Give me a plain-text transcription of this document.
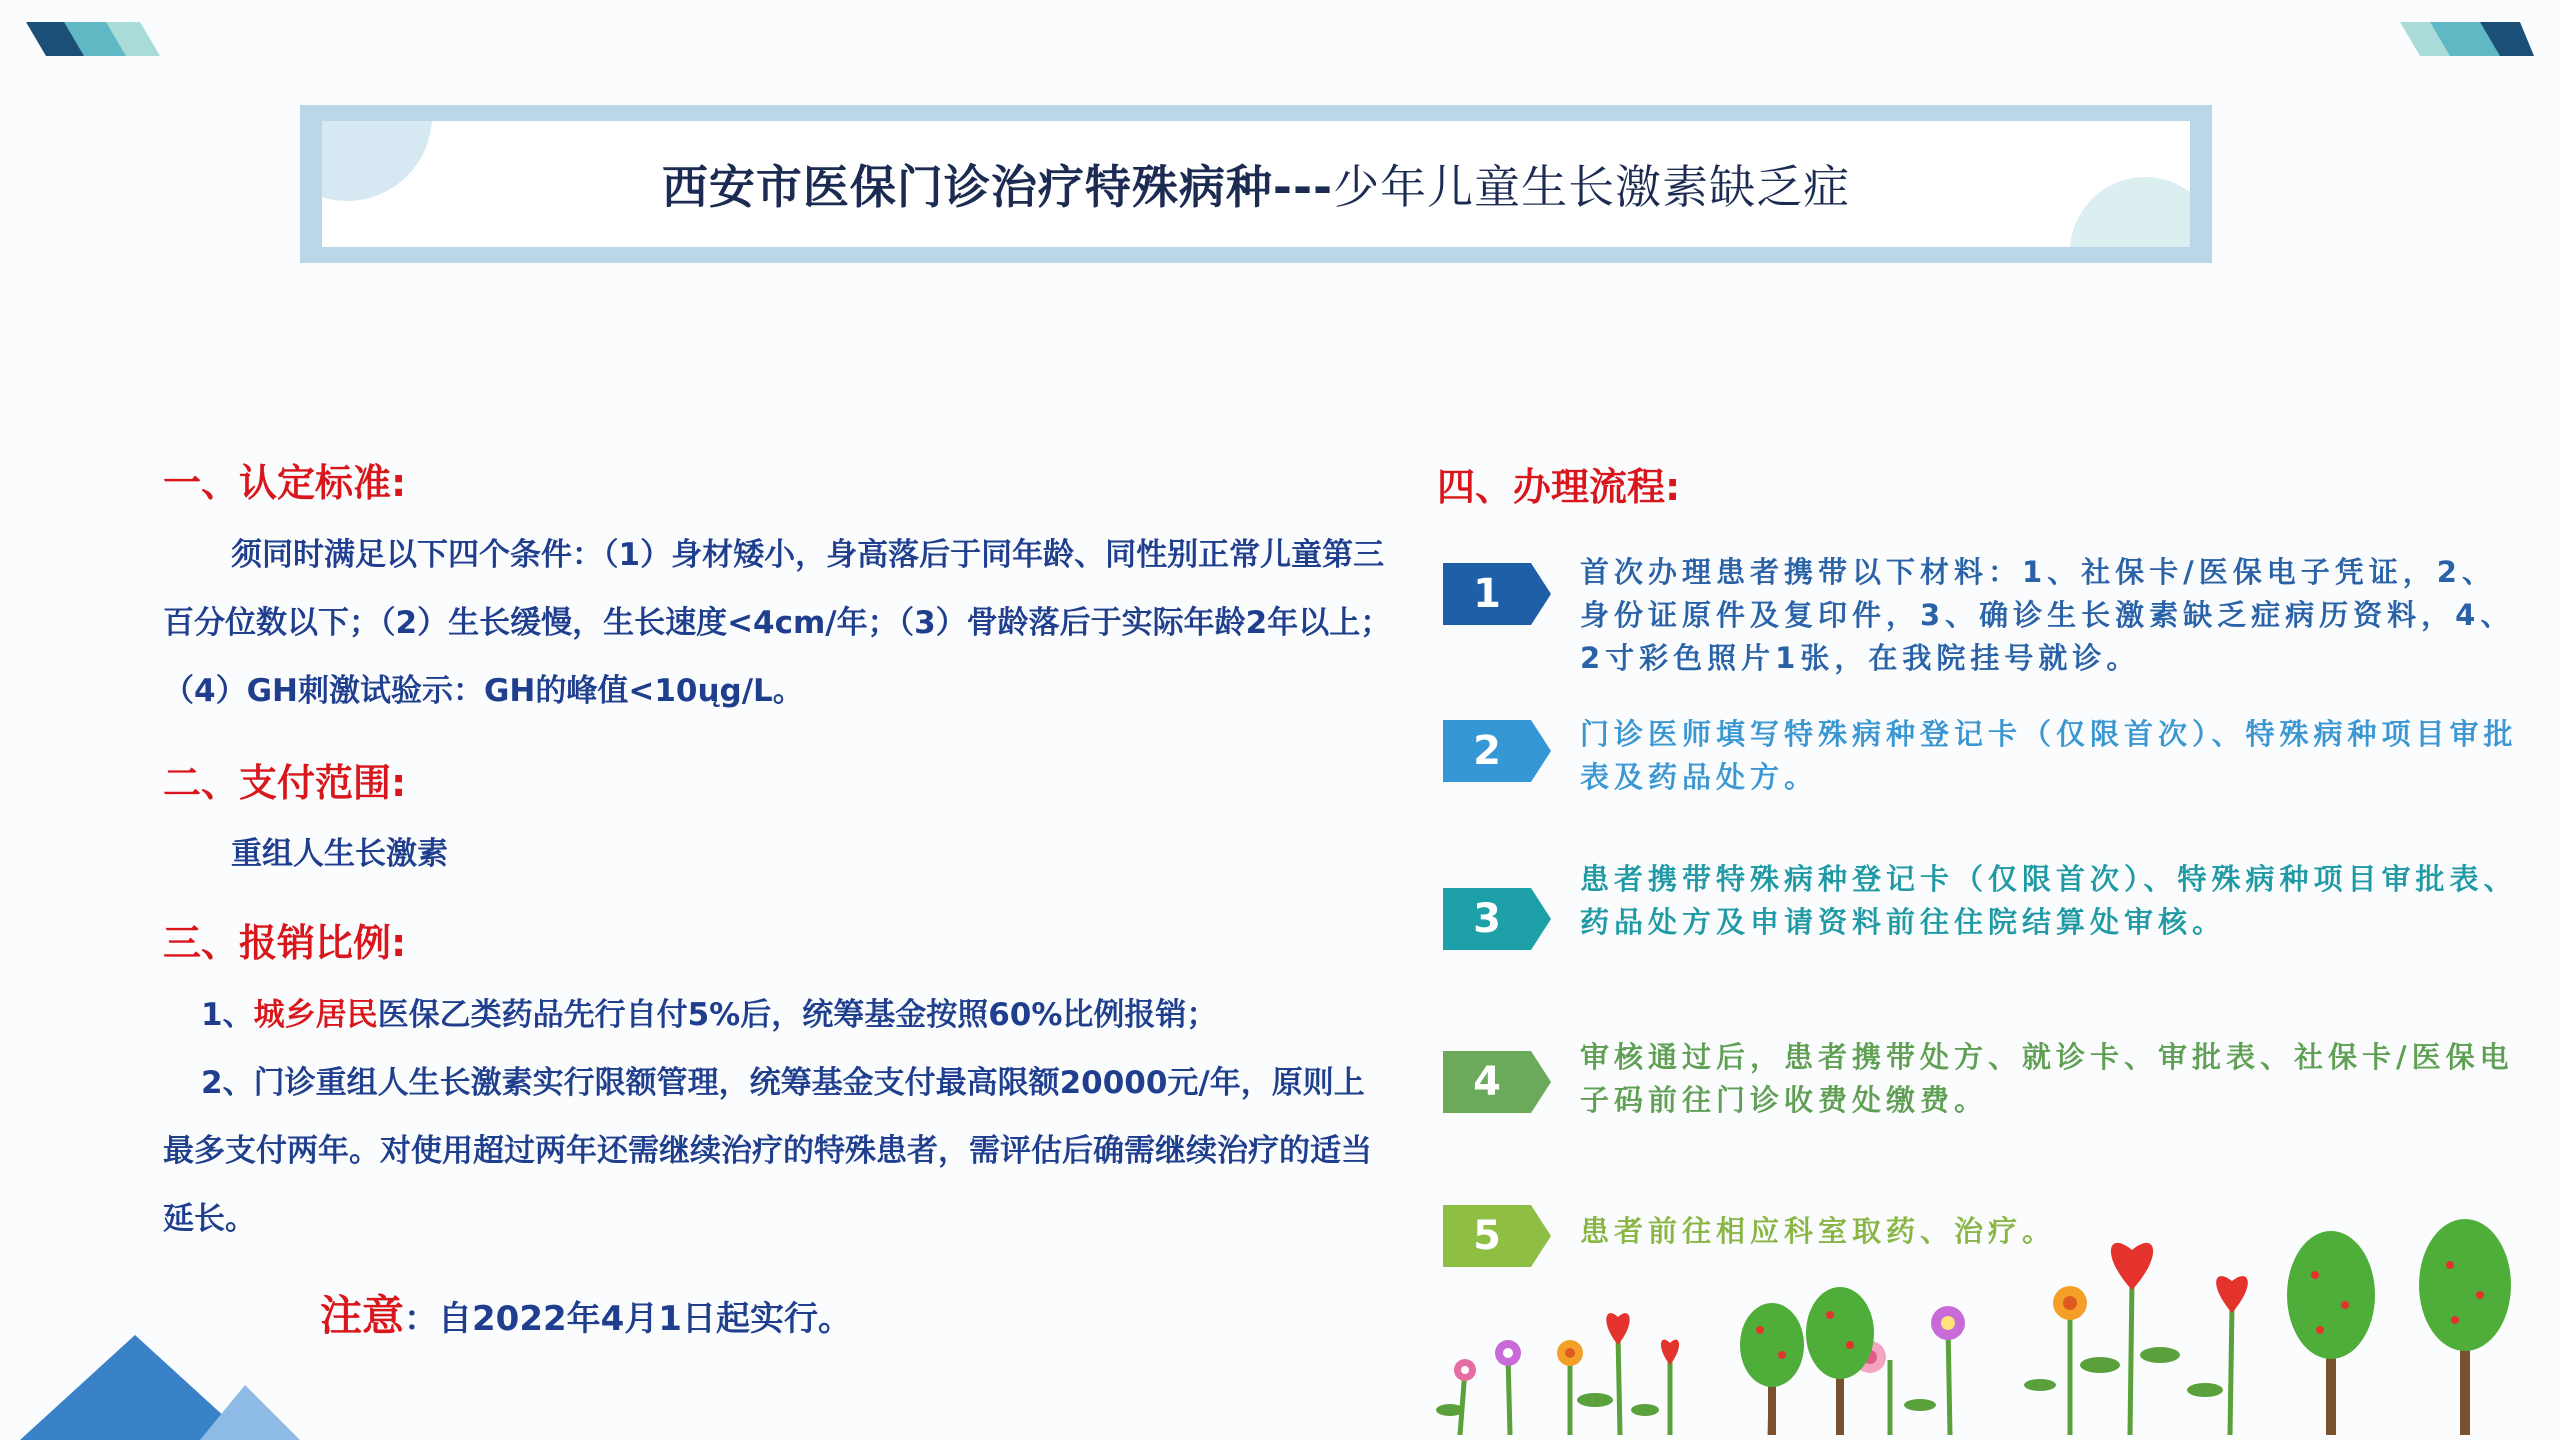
西安市医保门诊治疗特殊病种---少年儿童生长激素缺乏症
一、认定标准:
须同时满足以下四个条件：（1）身材矮小，身高落后于同年龄、同性别正常儿童第三百分位数以下；（2）生长缓慢，生长速度<4cm/年；（3）骨龄落后于实际年龄2年以上；（4）GH刺激试验示：GH的峰值<10ųg/L。
二、支付范围:
重组人生长激素
三、报销比例:
1、城乡居民医保乙类药品先行自付5%后，统筹基金按照60%比例报销；
2、门诊重组人生长激素实行限额管理，统筹基金支付最高限额20000元/年，原则上最多支付两年。对使用超过两年还需继续治疗的特殊患者，需评估后确需继续治疗的适当延长。
注意：自2022年4月1日起实行。
四、办理流程:
1	首次办理患者携带以下材料：1、社保卡/医保电子凭证，2、身份证原件及复印件，3、确诊生长激素缺乏症病历资料，4、2寸彩色照片1张，在我院挂号就诊。
2	门诊医师填写特殊病种登记卡（仅限首次）、特殊病种项目审批表及药品处方。
3
患者携带特殊病种登记卡（仅限首次）、特殊病种项目审批表、药品处方及申请资料前往住院结算处审核。
4
审核通过后，患者携带处方、就诊卡、审批表、社保卡/医保电子码前往门诊收费处缴费。
5	患者前往相应科室取药、治疗。
